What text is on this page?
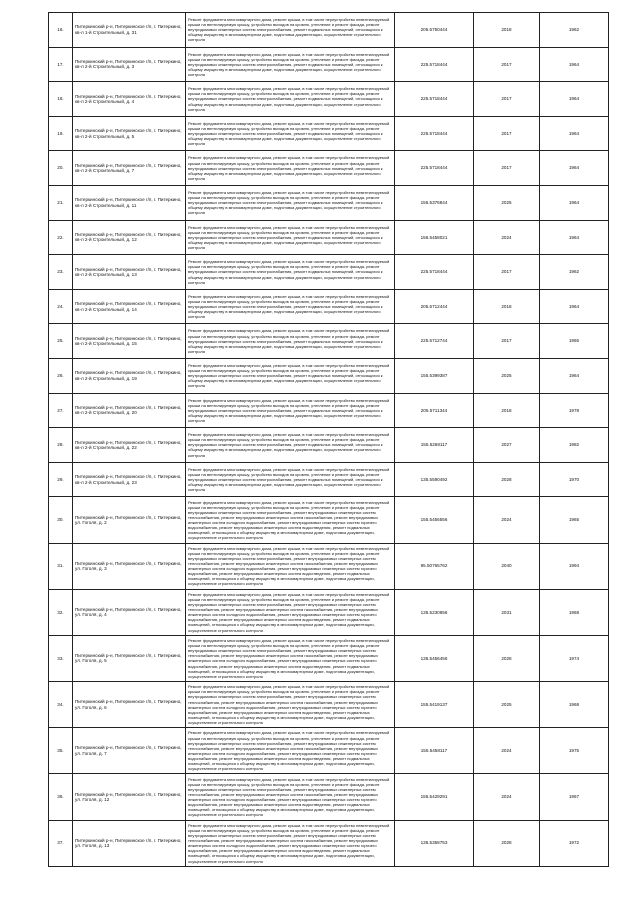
16.	Питеркинский р-н, Питеркинское г/п, г. Питеркино, кв-л 1-й Строительный, д. 31	Ремонт фундамента многоквартирного дома, ремонт крыши, в том числе переустройство невентилируемой крыши на вентилируемую крышу, устройство выходов на кровлю, утепление и ремонт фасада, ремонт внутридомовых инженерных систем электроснабжения, ремонт подвальных помещений, относящихся к общему имуществу в многоквартирном доме, подготовка документации, осуществление строительного контроля	205.5750444	2018	1962
17.	Питеркинский р-н, Питеркинское г/п, г. Питеркино, кв-л 2-й Строительный, д. 3	Ремонт фундамента многоквартирного дома, ремонт крыши, в том числе переустройство невентилируемой крыши на вентилируемую крышу, устройство выходов на кровлю, утепление и ремонт фасада, ремонт внутридомовых инженерных систем электроснабжения, ремонт подвальных помещений, относящихся к общему имуществу в многоквартирном доме, подготовка документации, осуществление строительного контроля	225.5718444	2017	1964
18.	Питеркинский р-н, Питеркинское г/п, г. Питеркино, кв-л 2-й Строительный, д. 4	Ремонт фундамента многоквартирного дома, ремонт крыши, в том числе переустройство невентилируемой крыши на вентилируемую крышу, устройство выходов на кровлю, утепление и ремонт фасада, ремонт внутридомовых инженерных систем электроснабжения, ремонт подвальных помещений, относящихся к общему имуществу в многоквартирном доме, подготовка документации, осуществление строительного контроля	225.5718444	2017	1964
19.	Питеркинский р-н, Питеркинское г/п, г. Питеркино, кв-л 2-й Строительный, д. 5	Ремонт фундамента многоквартирного дома, ремонт крыши, в том числе переустройство невентилируемой крыши на вентилируемую крышу, устройство выходов на кровлю, утепление и ремонт фасада, ремонт внутридомовых инженерных систем электроснабжения, ремонт подвальных помещений, относящихся к общему имуществу в многоквартирном доме, подготовка документации, осуществление строительного контроля	225.5718444	2017	1964
20.	Питеркинский р-н, Питеркинское г/п, г. Питеркино, кв-л 2-й Строительный, д. 7	Ремонт фундамента многоквартирного дома, ремонт крыши, в том числе переустройство невентилируемой крыши на вентилируемую крышу, устройство выходов на кровлю, утепление и ремонт фасада, ремонт внутридомовых инженерных систем электроснабжения, ремонт подвальных помещений, относящихся к общему имуществу в многоквартирном доме, подготовка документации, осуществление строительного контроля	225.5718444	2017	1964
21.	Питеркинский р-н, Питеркинское г/п, г. Питеркино, кв-л 2-й Строительный, д. 11	Ремонт фундамента многоквартирного дома, ремонт крыши, в том числе переустройство невентилируемой крыши на вентилируемую крышу, устройство выходов на кровлю, утепление и ремонт фасада, ремонт внутридомовых инженерных систем электроснабжения, ремонт подвальных помещений, относящихся к общему имуществу в многоквартирном доме, подготовка документации, осуществление строительного контроля	155.5376844	2025	1964
22.	Питеркинский р-н, Питеркинское г/п, г. Питеркино, кв-л 2-й Строительный, д. 12	Ремонт фундамента многоквартирного дома, ремонт крыши, в том числе переустройство невентилируемой крыши на вентилируемую крышу, устройство выходов на кровлю, утепление и ремонт фасада, ремонт внутридомовых инженерных систем электроснабжения, ремонт подвальных помещений, относящихся к общему имуществу в многоквартирном доме, подготовка документации, осуществление строительного контроля	156.5458021	2024	1964
23.	Питеркинский р-н, Питеркинское г/п, г. Питеркино, кв-л 2-й Строительный, д. 13	Ремонт фундамента многоквартирного дома, ремонт крыши, в том числе переустройство невентилируемой крыши на вентилируемую крышу, устройство выходов на кровлю, утепление и ремонт фасада, ремонт внутридомовых инженерных систем электроснабжения, ремонт подвальных помещений, относящихся к общему имуществу в многоквартирном доме, подготовка документации, осуществление строительного контроля	225.5718444	2017	1962
24.	Питеркинский р-н, Питеркинское г/п, г. Питеркино, кв-л 2-й Строительный, д. 14	Ремонт фундамента многоквартирного дома, ремонт крыши, в том числе переустройство невентилируемой крыши на вентилируемую крышу, устройство выходов на кровлю, утепление и ремонт фасада, ремонт внутридомовых инженерных систем электроснабжения, ремонт подвальных помещений, относящихся к общему имуществу в многоквартирном доме, подготовка документации, осуществление строительного контроля	205.5712444	2018	1964
25.	Питеркинский р-н, Питеркинское г/п, г. Питеркино, кв-л 2-й Строительный, д. 15	Ремонт фундамента многоквартирного дома, ремонт крыши, в том числе переустройство невентилируемой крыши на вентилируемую крышу, устройство выходов на кровлю, утепление и ремонт фасада, ремонт внутридомовых инженерных систем электроснабжения, ремонт подвальных помещений, относящихся к общему имуществу в многоквартирном доме, подготовка документации, осуществление строительного контроля	225.5712744	2017	1965
26.	Питеркинский р-н, Питеркинское г/п, г. Питеркино, кв-л 2-й Строительный, д. 19	Ремонт фундамента многоквартирного дома, ремонт крыши, в том числе переустройство невентилируемой крыши на вентилируемую крышу, устройство выходов на кровлю, утепление и ремонт фасада, ремонт внутридомовых инженерных систем электроснабжения, ремонт подвальных помещений, относящихся к общему имуществу в многоквартирном доме, подготовка документации, осуществление строительного контроля	155.5399387	2025	1964
27.	Питеркинский р-н, Питеркинское г/п, г. Питеркино, кв-л 2-й Строительный, д. 20	Ремонт фундамента многоквартирного дома, ремонт крыши, в том числе переустройство невентилируемой крыши на вентилируемую крышу, устройство выходов на кровлю, утепление и ремонт фасада, ремонт внутридомовых инженерных систем электроснабжения, ремонт подвальных помещений, относящихся к общему имуществу в многоквартирном доме, подготовка документации, осуществление строительного контроля	205.5711344	2018	1978
28.	Питеркинский р-н, Питеркинское г/п, г. Питеркино, кв-л 2-й Строительный, д. 22	Ремонт фундамента многоквартирного дома, ремонт крыши, в том числе переустройство невентилируемой крыши на вентилируемую крышу, устройство выходов на кровлю, утепление и ремонт фасада, ремонт внутридомовых инженерных систем электроснабжения, ремонт подвальных помещений, относящихся к общему имуществу в многоквартирном доме, подготовка документации, осуществление строительного контроля	155.5268117	2027	1982
29.	Питеркинский р-н, Питеркинское г/п, г. Питеркино, кв-л 2-й Строительный, д. 23	Ремонт фундамента многоквартирного дома, ремонт крыши, в том числе переустройство невентилируемой крыши на вентилируемую крышу, устройство выходов на кровлю, утепление и ремонт фасада, ремонт внутридомовых инженерных систем электроснабжения, ремонт подвальных помещений, относящихся к общему имуществу в многоквартирном доме, подготовка документации, осуществление строительного контроля	135.5590492	2028	1970
30.	Питеркинский р-н, Питеркинское г/п, г. Питеркино, ул. Гоголя, д. 2	Ремонт фундамента многоквартирного дома, ремонт крыши, в том числе переустройство невентилируемой крыши на вентилируемую крышу, устройство выходов на кровлю, утепление и ремонт фасада, ремонт внутридомовых инженерных систем электроснабжения, ремонт внутридомовых инженерных систем теплоснабжения, ремонт внутридомовых инженерных систем газоснабжения, ремонт внутридомовых инженерных систем холодного водоснабжения, ремонт внутридомовых инженерных систем горячего водоснабжения, ремонт внутридомовых инженерных систем водоотведения, ремонт подвальных помещений, относящихся к общему имуществу в многоквартирном доме, подготовка документации, осуществление строительного контроля	155.5456556	2024	1965
31.	Питеркинский р-н, Питеркинское г/п, г. Питеркино, ул. Гоголя, д. 3	Ремонт фундамента многоквартирного дома, ремонт крыши, в том числе переустройство невентилируемой крыши на вентилируемую крышу, устройство выходов на кровлю, утепление и ремонт фасада, ремонт внутридомовых инженерных систем электроснабжения, ремонт внутридомовых инженерных систем теплоснабжения, ремонт внутридомовых инженерных систем газоснабжения, ремонт внутридомовых инженерных систем холодного водоснабжения, ремонт внутридомовых инженерных систем горячего водоснабжения, ремонт внутридомовых инженерных систем водоотведения, ремонт подвальных помещений, относящихся к общему имуществу в многоквартирном доме, подготовка документации, осуществление строительного контроля	95.50765762	2040	1994
32.	Питеркинский р-н, Питеркинское г/п, г. Питеркино, ул. Гоголя, д. 4	Ремонт фундамента многоквартирного дома, ремонт крыши, в том числе переустройство невентилируемой крыши на вентилируемую крышу, устройство выходов на кровлю, утепление и ремонт фасада, ремонт внутридомовых инженерных систем электроснабжения, ремонт внутридомовых инженерных систем теплоснабжения, ремонт внутридомовых инженерных систем газоснабжения, ремонт внутридомовых инженерных систем холодного водоснабжения, ремонт внутридомовых инженерных систем горячего водоснабжения, ремонт внутридомовых инженерных систем водоотведения, ремонт подвальных помещений, относящихся к общему имуществу в многоквартирном доме, подготовка документации, осуществление строительного контроля	135.5230656	2031	1968
33.	Питеркинский р-н, Питеркинское г/п, г. Питеркино, ул. Гоголя, д. 5	Ремонт фундамента многоквартирного дома, ремонт крыши, в том числе переустройство невентилируемой крыши на вентилируемую крышу, устройство выходов на кровлю, утепление и ремонт фасада, ремонт внутридомовых инженерных систем электроснабжения, ремонт внутридомовых инженерных систем теплоснабжения, ремонт внутридомовых инженерных систем газоснабжения, ремонт внутридомовых инженерных систем холодного водоснабжения, ремонт внутридомовых инженерных систем горячего водоснабжения, ремонт внутридомовых инженерных систем водоотведения, ремонт подвальных помещений, относящихся к общему имуществу в многоквартирном доме, подготовка документации, осуществление строительного контроля	135.5456456	2028	1974
34.	Питеркинский р-н, Питеркинское г/п, г. Питеркино, ул. Гоголя, д. 6	Ремонт фундамента многоквартирного дома, ремонт крыши, в том числе переустройство невентилируемой крыши на вентилируемую крышу, устройство выходов на кровлю, утепление и ремонт фасада, ремонт внутридомовых инженерных систем электроснабжения, ремонт внутридомовых инженерных систем теплоснабжения, ремонт внутридомовых инженерных систем газоснабжения, ремонт внутридомовых инженерных систем холодного водоснабжения, ремонт внутридомовых инженерных систем горячего водоснабжения, ремонт внутридомовых инженерных систем водоотведения, ремонт подвальных помещений, относящихся к общему имуществу в многоквартирном доме, подготовка документации, осуществление строительного контроля	155.5419137	2025	1968
35.	Питеркинский р-н, Питеркинское г/п, г. Питеркино, ул. Гоголя, д. 7	Ремонт фундамента многоквартирного дома, ремонт крыши, в том числе переустройство невентилируемой крыши на вентилируемую крышу, устройство выходов на кровлю, утепление и ремонт фасада, ремонт внутридомовых инженерных систем электроснабжения, ремонт внутридомовых инженерных систем теплоснабжения, ремонт внутридомовых инженерных систем газоснабжения, ремонт внутридомовых инженерных систем холодного водоснабжения, ремонт внутридомовых инженерных систем горячего водоснабжения, ремонт внутридомовых инженерных систем водоотведения, ремонт подвальных помещений, относящихся к общему имуществу в многоквартирном доме, подготовка документации, осуществление строительного контроля	155.5458117	2024	1975
36.	Питеркинский р-н, Питеркинское г/п, г. Питеркино, ул. Гоголя, д. 12	Ремонт фундамента многоквартирного дома, ремонт крыши, в том числе переустройство невентилируемой крыши на вентилируемую крышу, устройство выходов на кровлю, утепление и ремонт фасада, ремонт внутридомовых инженерных систем электроснабжения, ремонт внутридомовых инженерных систем теплоснабжения, ремонт внутридомовых инженерных систем газоснабжения, ремонт внутридомовых инженерных систем холодного водоснабжения, ремонт внутридомовых инженерных систем горячего водоснабжения, ремонт внутридомовых инженерных систем водоотведения, ремонт подвальных помещений, относящихся к общему имуществу в многоквартирном доме, подготовка документации, осуществление строительного контроля	155.5429291	2024	1967
37.	Питеркинский р-н, Питеркинское г/п, г. Питеркино, ул. Гоголя, д. 13	Ремонт фундамента многоквартирного дома, ремонт крыши, в том числе переустройство невентилируемой крыши на вентилируемую крышу, устройство выходов на кровлю, утепление и ремонт фасада, ремонт внутридомовых инженерных систем электроснабжения, ремонт внутридомовых инженерных систем теплоснабжения, ремонт внутридомовых инженерных систем газоснабжения, ремонт внутридомовых инженерных систем холодного водоснабжения, ремонт внутридомовых инженерных систем горячего водоснабжения, ремонт внутридомовых инженерных систем водоотведения, ремонт подвальных помещений, относящихся к общему имуществу в многоквартирном доме, подготовка документации, осуществление строительного контроля	135.5358753	2028	1972
